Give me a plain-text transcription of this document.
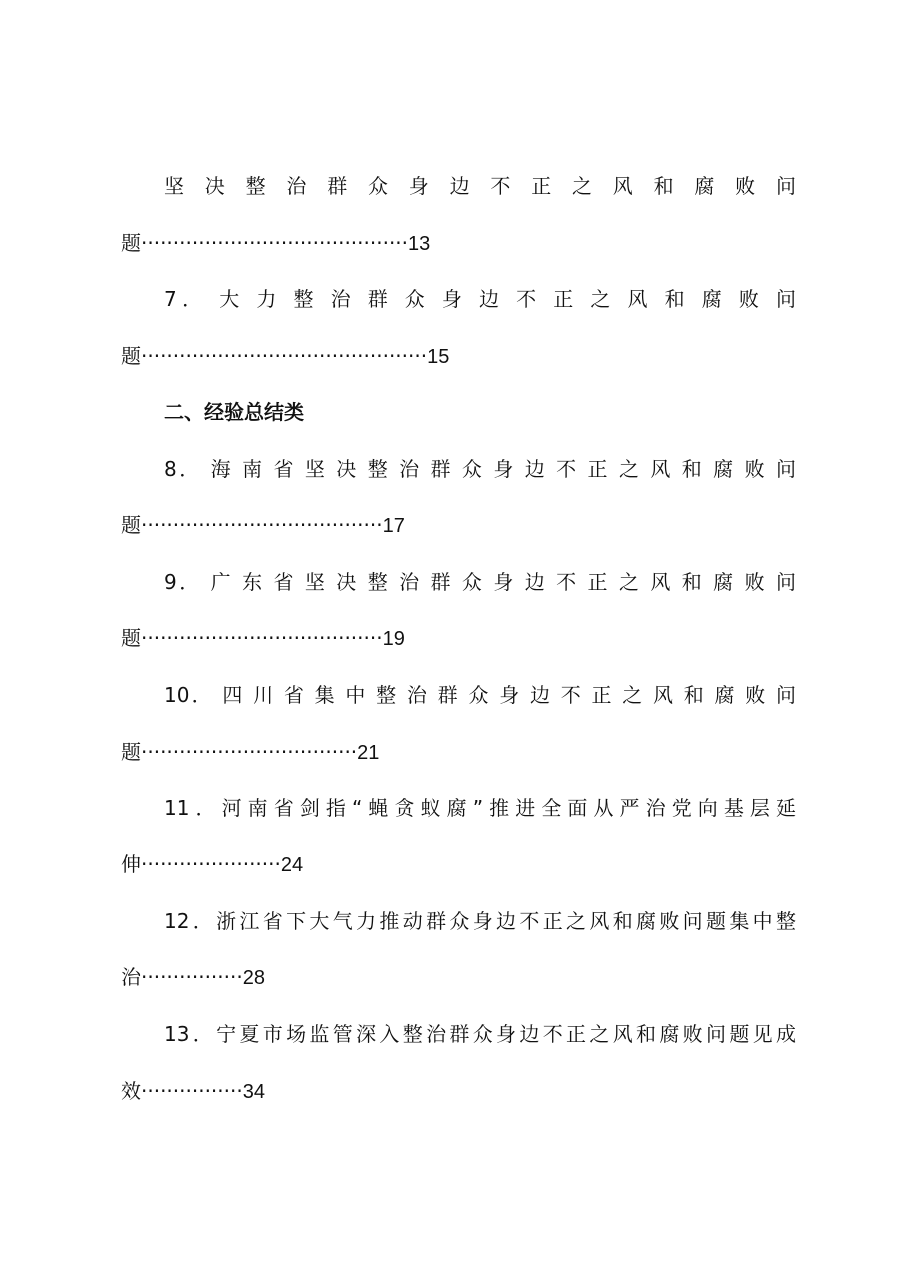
坚 决 整 治 群 众 身 边 不 正 之 风 和 腐 败 问
题··········································13
7． 大 力 整 治 群 众 身 边 不 正 之 风 和 腐 败 问
题·············································15
二、经验总结类
8． 海 南 省 坚 决 整 治 群 众 身 边 不 正 之 风 和 腐 败 问
题······································17
9． 广 东 省 坚 决 整 治 群 众 身 边 不 正 之 风 和 腐 败 问
题······································19
10． 四 川 省 集 中 整 治 群 众 身 边 不 正 之 风 和 腐 败 问
题··································21
11．河南省剑指“蝇贪蚁腐”推进全面从严治党向基层延
伸······················24
12．浙江省下大气力推动群众身边不正之风和腐败问题集中整
治················28
13．宁夏市场监管深入整治群众身边不正之风和腐败问题见成
效················34
